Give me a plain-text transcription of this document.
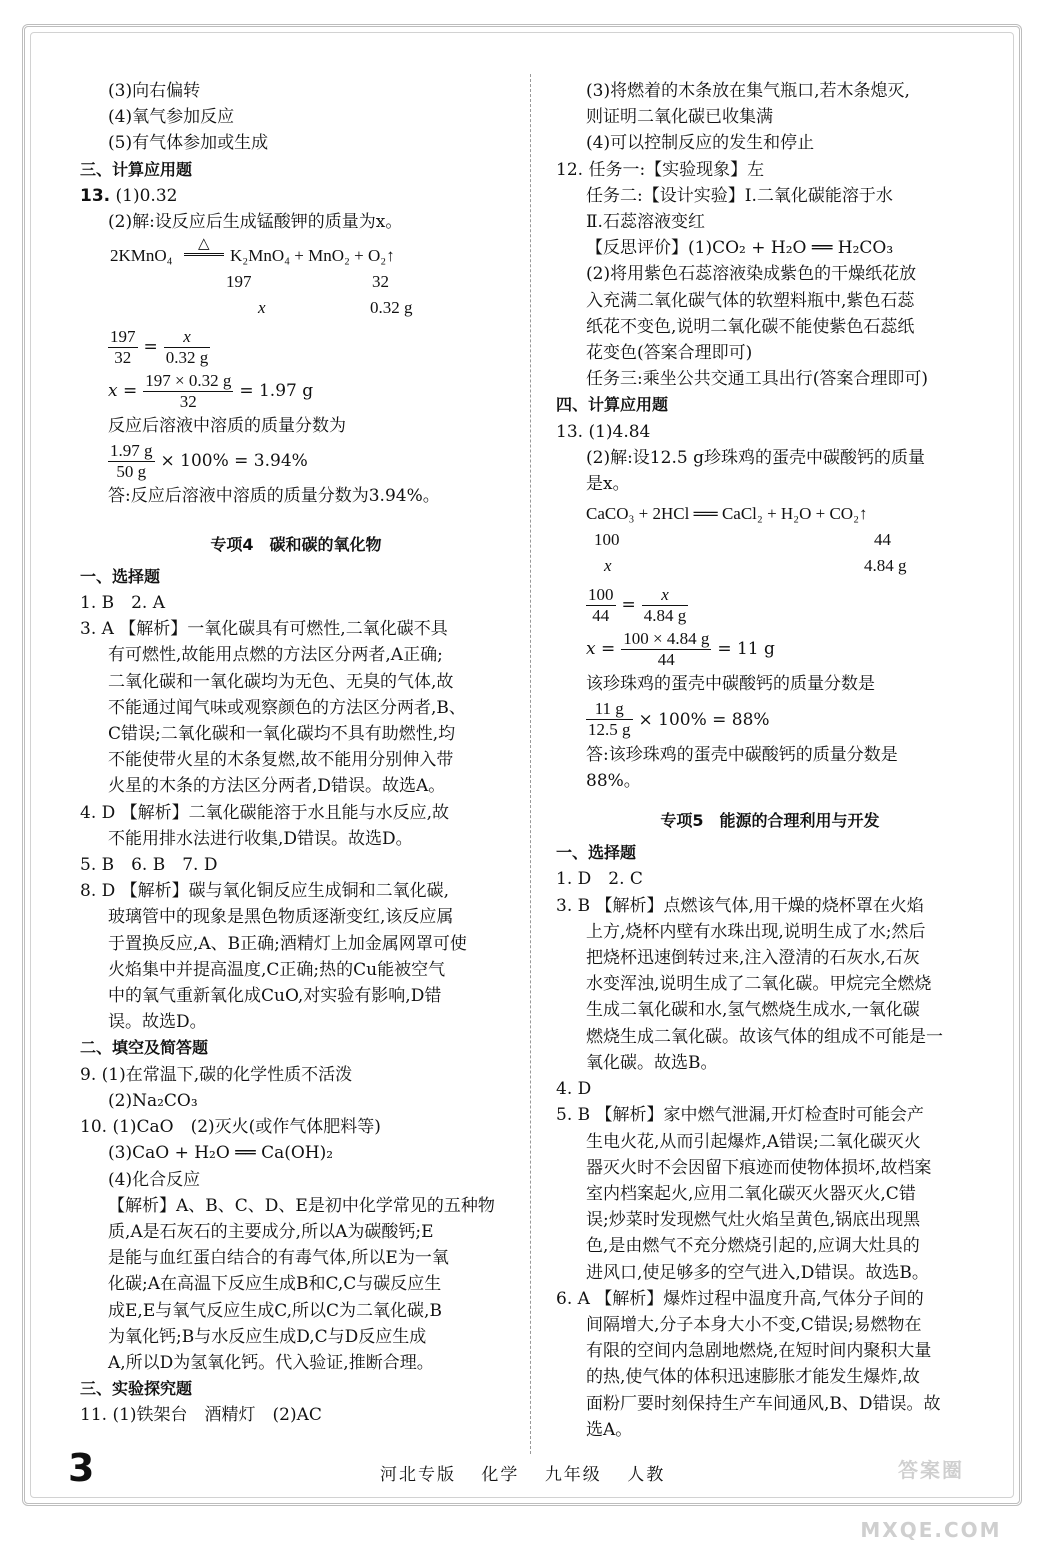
(3)向右偏转
(4)氧气参加反应
(5)有气体参加或生成
三、计算应用题
13. (1)0.32
(2)解:设反应后生成锰酸钾的质量为x。
2KMnO₄
△
K₂MnO₄ + MnO₂ + O₂↑
197	32
x	0.32 g
$\frac{197}{32} = \frac{x}{0.32 g}$
$x = \frac{197 \times 0.32 g}{32} = 1.97$ g
反应后溶液中溶质的质量分数为
$\frac{1.97 g}{50 g} \times 100\% = 3.94\%$
答:反应后溶液中溶质的质量分数为3.94%。
专项4　碳和碳的氧化物
一、选择题
1. B　2. A
3. A 【解析】一氧化碳具有可燃性,二氧化碳不具
有可燃性,故能用点燃的方法区分两者,A正确;
二氧化碳和一氧化碳均为无色、无臭的气体,故
不能通过闻气味或观察颜色的方法区分两者,B、
C错误;二氧化碳和一氧化碳均不具有助燃性,均
不能使带火星的木条复燃,故不能用分别伸入带
火星的木条的方法区分两者,D错误。故选A。
4. D 【解析】二氧化碳能溶于水且能与水反应,故
不能用排水法进行收集,D错误。故选D。
5. B　6. B　7. D
8. D 【解析】碳与氧化铜反应生成铜和二氧化碳,
玻璃管中的现象是黑色物质逐渐变红,该反应属
于置换反应,A、B正确;酒精灯上加金属网罩可使
火焰集中并提高温度,C正确;热的Cu能被空气
中的氧气重新氧化成CuO,对实验有影响,D错
误。故选D。
二、填空及简答题
9. (1)在常温下,碳的化学性质不活泼
(2)Na₂CO₃
10. (1)CaO　(2)灭火(或作气体肥料等)
(3)CaO + H₂O ══ Ca(OH)₂
(4)化合反应
【解析】A、B、C、D、E是初中化学常见的五种物
质,A是石灰石的主要成分,所以A为碳酸钙;E
是能与血红蛋白结合的有毒气体,所以E为一氧
化碳;A在高温下反应生成B和C,C与碳反应生
成E,E与氧气反应生成C,所以C为二氧化碳,B
为氧化钙;B与水反应生成D,C与D反应生成
A,所以D为氢氧化钙。代入验证,推断合理。
三、实验探究题
11. (1)铁架台　酒精灯　(2)AC
(3)将燃着的木条放在集气瓶口,若木条熄灭,
则证明二氧化碳已收集满
(4)可以控制反应的发生和停止
12. 任务一:【实验现象】左
任务二:【设计实验】Ⅰ.二氧化碳能溶于水
Ⅱ.石蕊溶液变红
【反思评价】(1)CO₂ + H₂O ══ H₂CO₃
(2)将用紫色石蕊溶液染成紫色的干燥纸花放
入充满二氧化碳气体的软塑料瓶中,紫色石蕊
纸花不变色,说明二氧化碳不能使紫色石蕊纸
花变色(答案合理即可)
任务三:乘坐公共交通工具出行(答案合理即可)
四、计算应用题
13. (1)4.84
(2)解:设12.5 g珍珠鸡的蛋壳中碳酸钙的质量
是x。
CaCO₃ + 2HCl ══ CaCl₂ + H₂O + CO₂↑
100	44
x	4.84 g
$\frac{100}{44} = \frac{x}{4.84 g}$
$x = \frac{100 \times 4.84 g}{44} = 11$ g
该珍珠鸡的蛋壳中碳酸钙的质量分数是
$\frac{11 g}{12.5 g} \times 100\% = 88\%$
答:该珍珠鸡的蛋壳中碳酸钙的质量分数是
88%。
专项5　能源的合理利用与开发
一、选择题
1. D　2. C
3. B 【解析】点燃该气体,用干燥的烧杯罩在火焰
上方,烧杯内壁有水珠出现,说明生成了水;然后
把烧杯迅速倒转过来,注入澄清的石灰水,石灰
水变浑浊,说明生成了二氧化碳。甲烷完全燃烧
生成二氧化碳和水,氢气燃烧生成水,一氧化碳
燃烧生成二氧化碳。故该气体的组成不可能是一
氧化碳。故选B。
4. D
5. B 【解析】家中燃气泄漏,开灯检查时可能会产
生电火花,从而引起爆炸,A错误;二氧化碳灭火
器灭火时不会因留下痕迹而使物体损坏,故档案
室内档案起火,应用二氧化碳灭火器灭火,C错
误;炒菜时发现燃气灶火焰呈黄色,锅底出现黑
色,是由燃气不充分燃烧引起的,应调大灶具的
进风口,使足够多的空气进入,D错误。故选B。
6. A 【解析】爆炸过程中温度升高,气体分子间的
间隔增大,分子本身大小不变,C错误;易燃物在
有限的空间内急剧地燃烧,在短时间内聚积大量
的热,使气体的体积迅速膨胀才能发生爆炸,故
面粉厂要时刻保持生产车间通风,B、D错误。故
选A。
3	河北专版 化学 九年级 人教	答案圈 MXQE.COM
